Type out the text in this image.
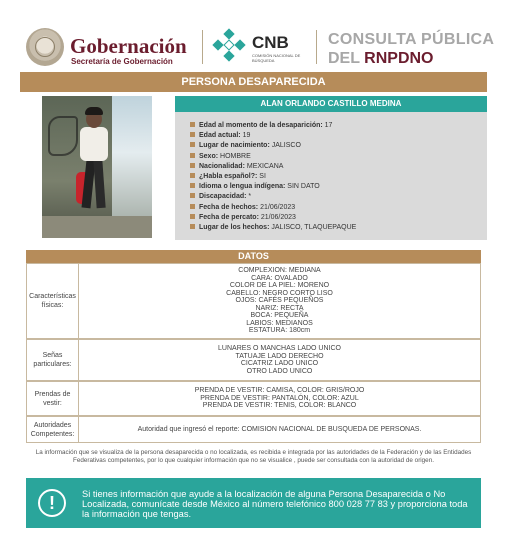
Gobernación
Secretaría de Gobernación
CNB
COMISIÓN NACIONAL DE BÚSQUEDA
CONSULTA PÚBLICA
DEL RNPDNO
PERSONA DESAPARECIDA
ALAN ORLANDO CASTILLO MEDINA
Edad al momento de la desaparición: 17
Edad actual: 19
Lugar de nacimiento: JALISCO
Sexo: HOMBRE
Nacionalidad: MEXICANA
¿Habla español?: SI
Idioma o lengua indígena: SIN DATO
Discapacidad: *
Fecha de hechos: 21/06/2023
Fecha de percato: 21/06/2023
Lugar de los hechos: JALISCO, TLAQUEPAQUE
DATOS
Características físicas:
COMPLEXION: MEDIANA
CARA: OVALADO
COLOR DE LA PIEL: MORENO
CABELLO: NEGRO CORTO LISO
OJOS: CAFÉS PEQUEÑOS
NARIZ: RECTA
BOCA: PEQUEÑA
LABIOS: MEDIANOS
ESTATURA: 180cm
Señas particulares:
LUNARES O MANCHAS LADO UNICO
TATUAJE LADO DERECHO
CICATRIZ LADO UNICO
OTRO LADO UNICO
Prendas de vestir:
PRENDA DE VESTIR: CAMISA, COLOR: GRIS/ROJO
PRENDA DE VESTIR: PANTALÓN, COLOR: AZUL
PRENDA DE VESTIR: TENIS, COLOR: BLANCO
Autoridades Competentes:
Autoridad que ingresó el reporte: COMISION NACIONAL DE BUSQUEDA DE PERSONAS.
La información que se visualiza de la persona desaparecida o no localizada, es recibida e integrada por las autoridades de la Federación y de las Entidades Federativas competentes, por lo que cualquier información que no se visualice , puede ser consultada con la autoridad de origen.
!	Si tienes información que ayude a la localización de alguna Persona Desaparecida o No Localizada, comunícate desde México al número telefónico 800 028 77 83 y proporciona toda la información que tengas.
